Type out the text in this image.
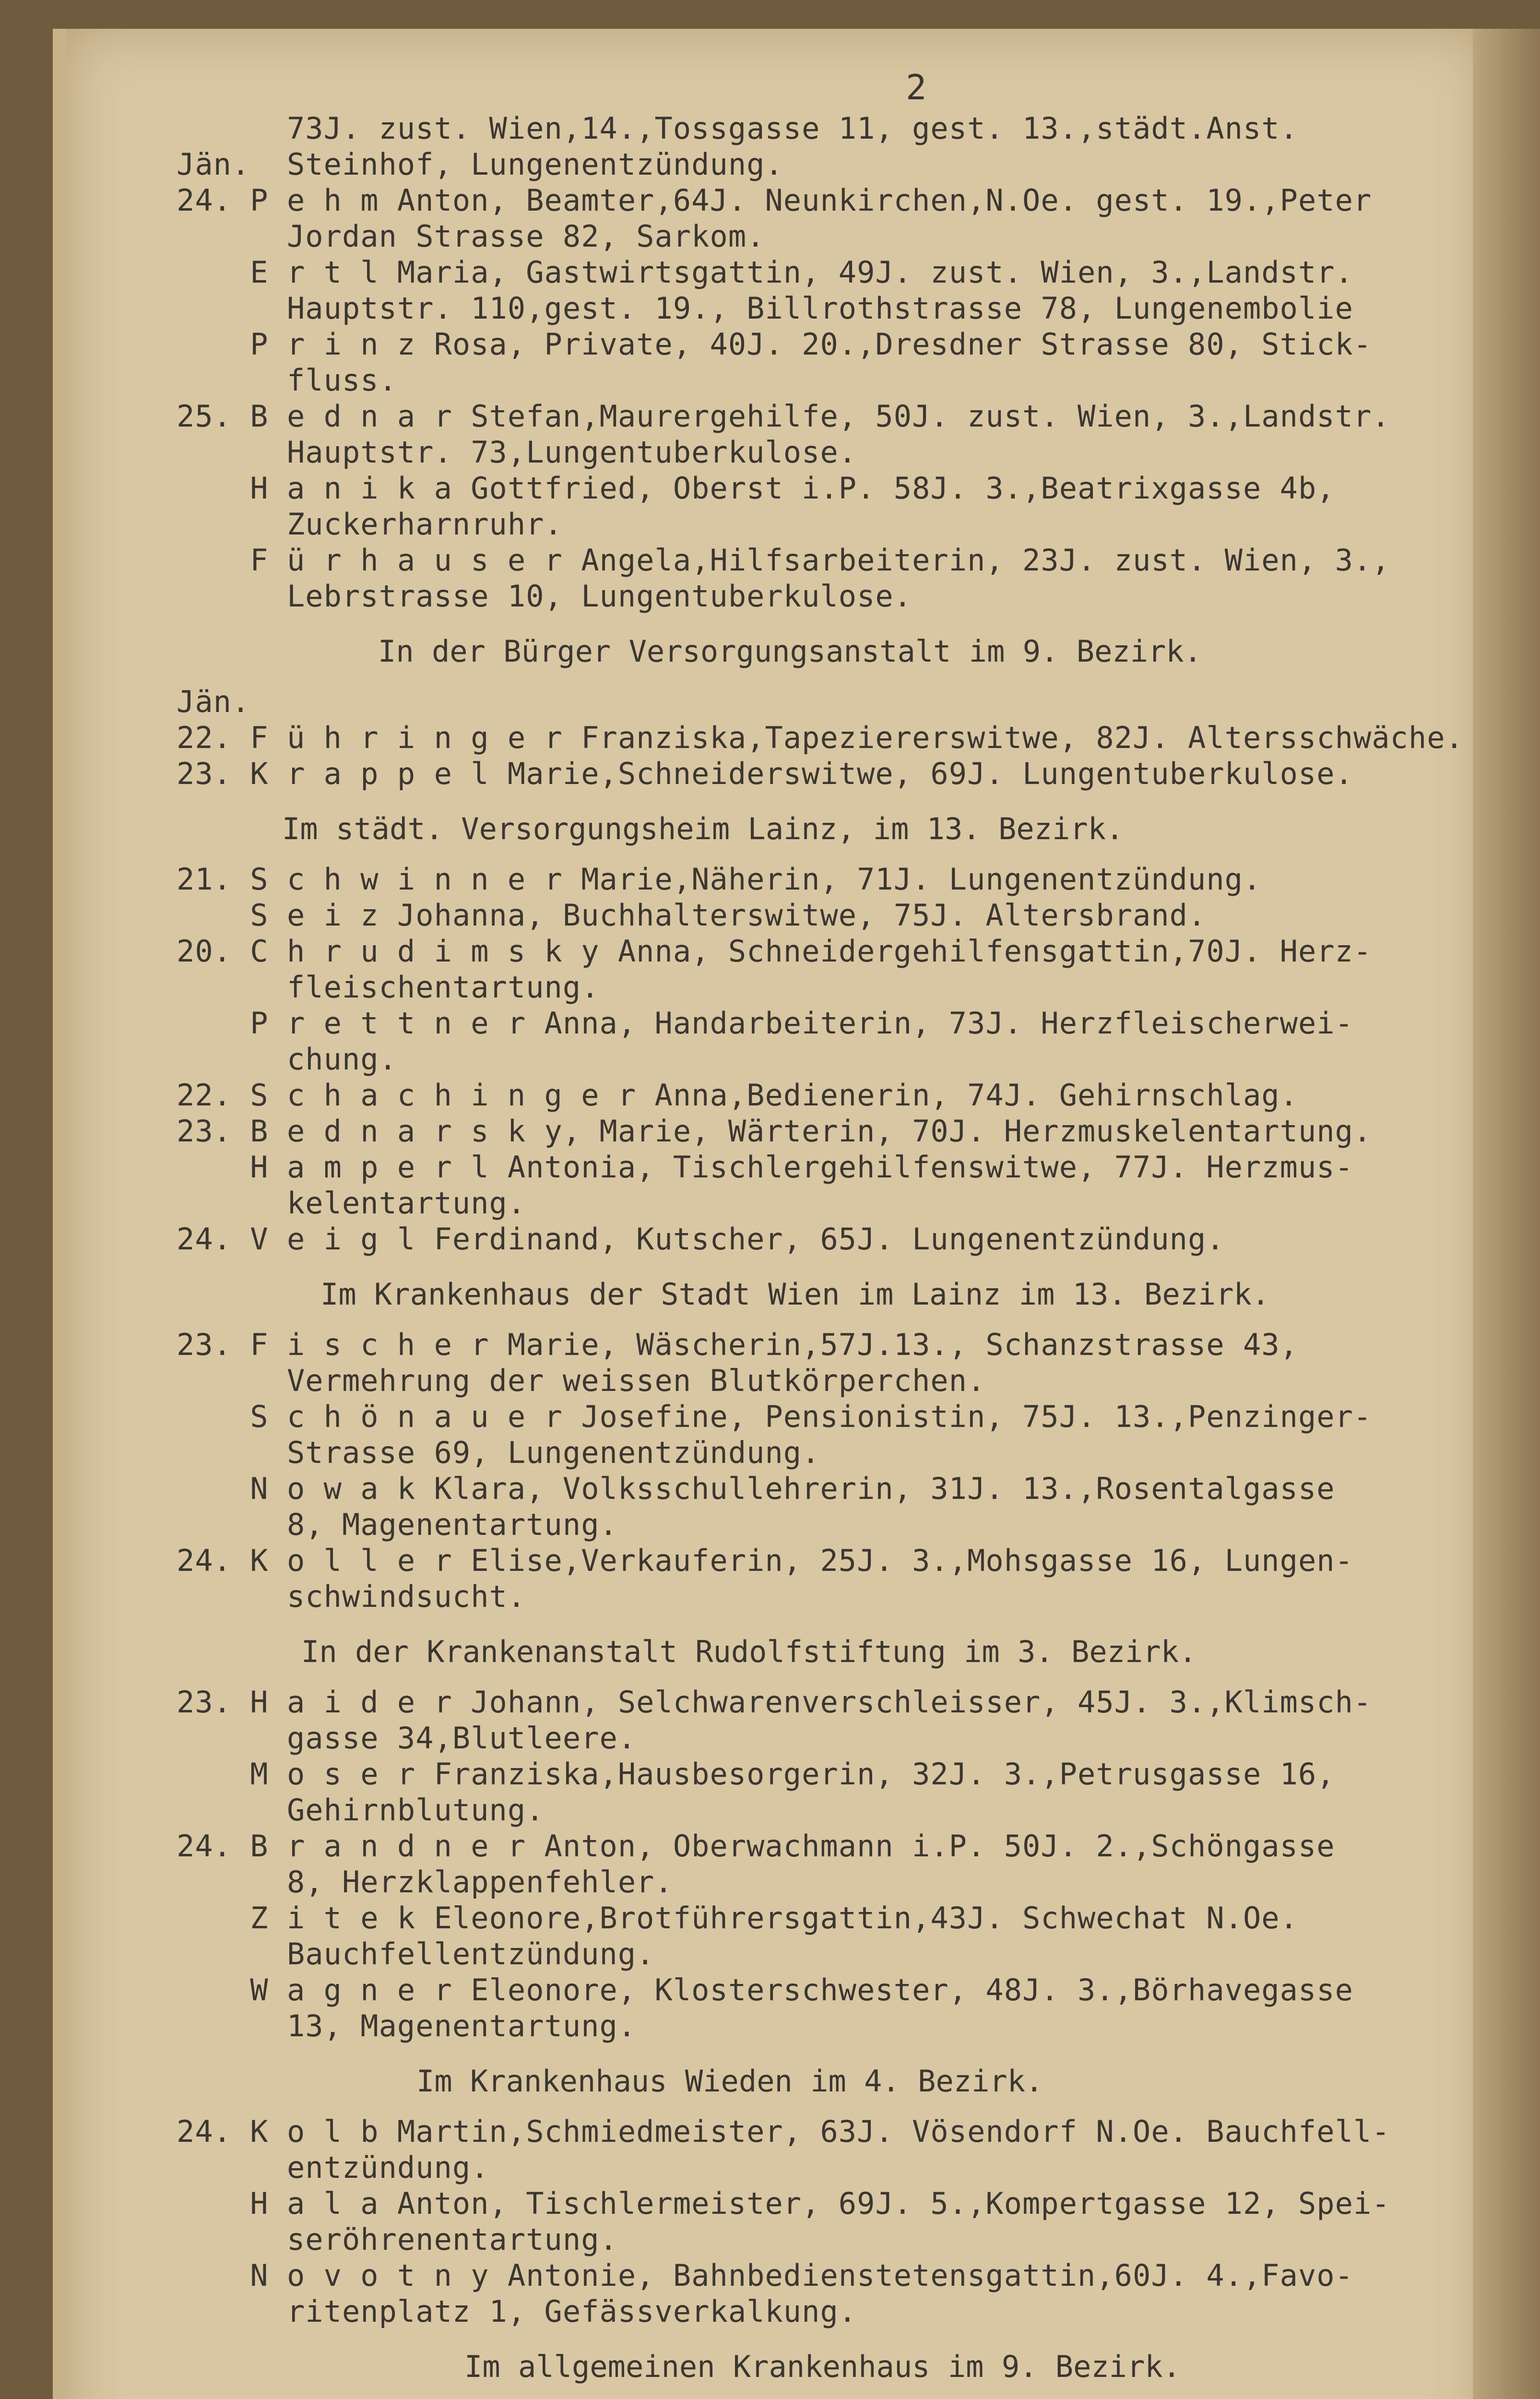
2
73J. zust. Wien,14.,Tossgasse 11, gest. 13.,städt.Anst.
Jän.  Steinhof, Lungenentzündung.
24. P e h m Anton, Beamter,64J. Neunkirchen,N.Oe. gest. 19.,Peter
Jordan Strasse 82, Sarkom.
E r t l Maria, Gastwirtsgattin, 49J. zust. Wien, 3.,Landstr.
Hauptstr. 110,gest. 19., Billrothstrasse 78, Lungenembolie
P r i n z Rosa, Private, 40J. 20.,Dresdner Strasse 80, Stick-
fluss.
25. B e d n a r Stefan,Maurergehilfe, 50J. zust. Wien, 3.,Landstr.
Hauptstr. 73,Lungentuberkulose.
H a n i k a Gottfried, Oberst i.P. 58J. 3.,Beatrixgasse 4b,
Zuckerharnruhr.
F ü r h a u s e r Angela,Hilfsarbeiterin, 23J. zust. Wien, 3.,
Lebrstrasse 10, Lungentuberkulose.
In der Bürger Versorgungsanstalt im 9. Bezirk.
Jän.
22. F ü h r i n g e r Franziska,Tapeziererswitwe, 82J. Altersschwäche.
23. K r a p p e l Marie,Schneiderswitwe, 69J. Lungentuberkulose.
Im städt. Versorgungsheim Lainz, im 13. Bezirk.
21. S c h w i n n e r Marie,Näherin, 71J. Lungenentzündung.
S e i z Johanna, Buchhalterswitwe, 75J. Altersbrand.
20. C h r u d i m s k y Anna, Schneidergehilfensgattin,70J. Herz-
fleischentartung.
P r e t t n e r Anna, Handarbeiterin, 73J. Herzfleischerwei-
chung.
22. S c h a c h i n g e r Anna,Bedienerin, 74J. Gehirnschlag.
23. B e d n a r s k y, Marie, Wärterin, 70J. Herzmuskelentartung.
H a m p e r l Antonia, Tischlergehilfenswitwe, 77J. Herzmus-
kelentartung.
24. V e i g l Ferdinand, Kutscher, 65J. Lungenentzündung.
Im Krankenhaus der Stadt Wien im Lainz im 13. Bezirk.
23. F i s c h e r Marie, Wäscherin,57J.13., Schanzstrasse 43,
Vermehrung der weissen Blutkörperchen.
S c h ö n a u e r Josefine, Pensionistin, 75J. 13.,Penzinger-
Strasse 69, Lungenentzündung.
N o w a k Klara, Volksschullehrerin, 31J. 13.,Rosentalgasse
8, Magenentartung.
24. K o l l e r Elise,Verkauferin, 25J. 3.,Mohsgasse 16, Lungen-
schwindsucht.
In der Krankenanstalt Rudolfstiftung im 3. Bezirk.
23. H a i d e r Johann, Selchwarenverschleisser, 45J. 3.,Klimsch-
gasse 34,Blutleere.
M o s e r Franziska,Hausbesorgerin, 32J. 3.,Petrusgasse 16,
Gehirnblutung.
24. B r a n d n e r Anton, Oberwachmann i.P. 50J. 2.,Schöngasse
8, Herzklappenfehler.
Z i t e k Eleonore,Brotführersgattin,43J. Schwechat N.Oe.
Bauchfellentzündung.
W a g n e r Eleonore, Klosterschwester, 48J. 3.,Börhavegasse
13, Magenentartung.
Im Krankenhaus Wieden im 4. Bezirk.
24. K o l b Martin,Schmiedmeister, 63J. Vösendorf N.Oe. Bauchfell-
entzündung.
H a l a Anton, Tischlermeister, 69J. 5.,Kompertgasse 12, Spei-
seröhrenentartung.
N o v o t n y Antonie, Bahnbedienstetensgattin,60J. 4.,Favo-
ritenplatz 1, Gefässverkalkung.
Im allgemeinen Krankenhaus im 9. Bezirk.
